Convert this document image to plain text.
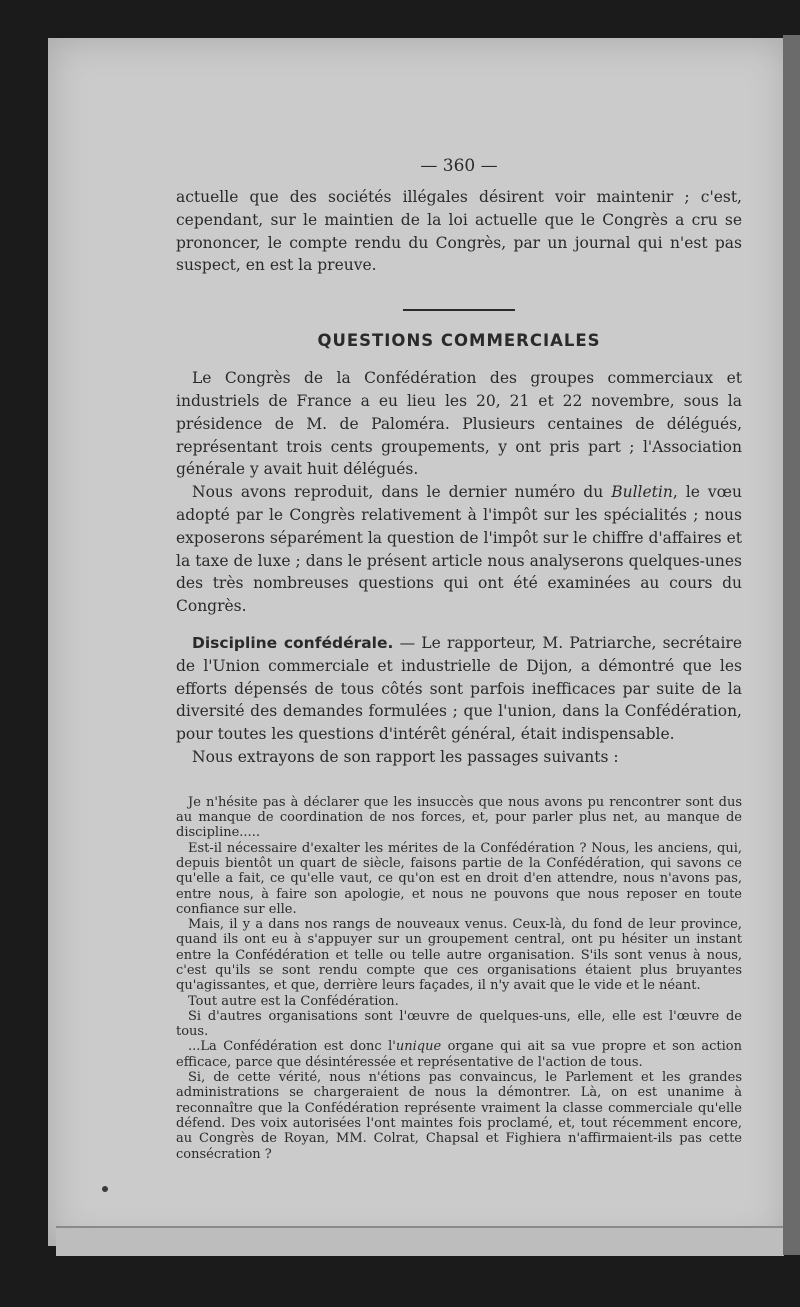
— 360 —

actuelle que des sociétés illégales désirent voir maintenir ; c'est, cependant, sur le maintien de la loi actuelle que le Congrès a cru se prononcer, le compte rendu du Congrès, par un journal qui n'est pas suspect, en est la preuve.

QUESTIONS COMMERCIALES

Le Congrès de la Confédération des groupes commerciaux et industriels de France a eu lieu les 20, 21 et 22 novembre, sous la présidence de M. de Paloméra. Plusieurs centaines de délégués, représentant trois cents groupements, y ont pris part ; l'Association générale y avait huit délégués.

Nous avons reproduit, dans le dernier numéro du Bulletin, le vœu adopté par le Congrès relativement à l'impôt sur les spécialités ; nous exposerons séparément la question de l'impôt sur le chiffre d'affaires et la taxe de luxe ; dans le présent article nous analyserons quelques-unes des très nombreuses questions qui ont été examinées au cours du Congrès.

Discipline confédérale. — Le rapporteur, M. Patriarche, secrétaire de l'Union commerciale et industrielle de Dijon, a démontré que les efforts dépensés de tous côtés sont parfois inefficaces par suite de la diversité des demandes formulées ; que l'union, dans la Confédération, pour toutes les questions d'intérêt général, était indispensable.

Nous extrayons de son rapport les passages suivants :

Je n'hésite pas à déclarer que les insuccès que nous avons pu rencontrer sont dus au manque de coordination de nos forces, et, pour parler plus net, au manque de discipline.....

Est-il nécessaire d'exalter les mérites de la Confédération ? Nous, les anciens, qui, depuis bientôt un quart de siècle, faisons partie de la Confédération, qui savons ce qu'elle a fait, ce qu'elle vaut, ce qu'on est en droit d'en attendre, nous n'avons pas, entre nous, à faire son apologie, et nous ne pouvons que nous reposer en toute confiance sur elle.

Mais, il y a dans nos rangs de nouveaux venus. Ceux-là, du fond de leur province, quand ils ont eu à s'appuyer sur un groupement central, ont pu hésiter un instant entre la Confédération et telle ou telle autre organisation. S'ils sont venus à nous, c'est qu'ils se sont rendu compte que ces organisations étaient plus bruyantes qu'agissantes, et que, derrière leurs façades, il n'y avait que le vide et le néant.

Tout autre est la Confédération.

Si d'autres organisations sont l'œuvre de quelques-uns, elle, elle est l'œuvre de tous.

...La Confédération est donc l'unique organe qui ait sa vue propre et son action efficace, parce que désintéressée et représentative de l'action de tous.

Si, de cette vérité, nous n'étions pas convaincus, le Parlement et les grandes administrations se chargeraient de nous la démontrer. Là, on est unanime à reconnaître que la Confédération représente vraiment la classe commerciale qu'elle défend. Des voix autorisées l'ont maintes fois proclamé, et, tout récemment encore, au Congrès de Royan, MM. Colrat, Chapsal et Fighiera n'affirmaient-ils pas cette consécration ?
